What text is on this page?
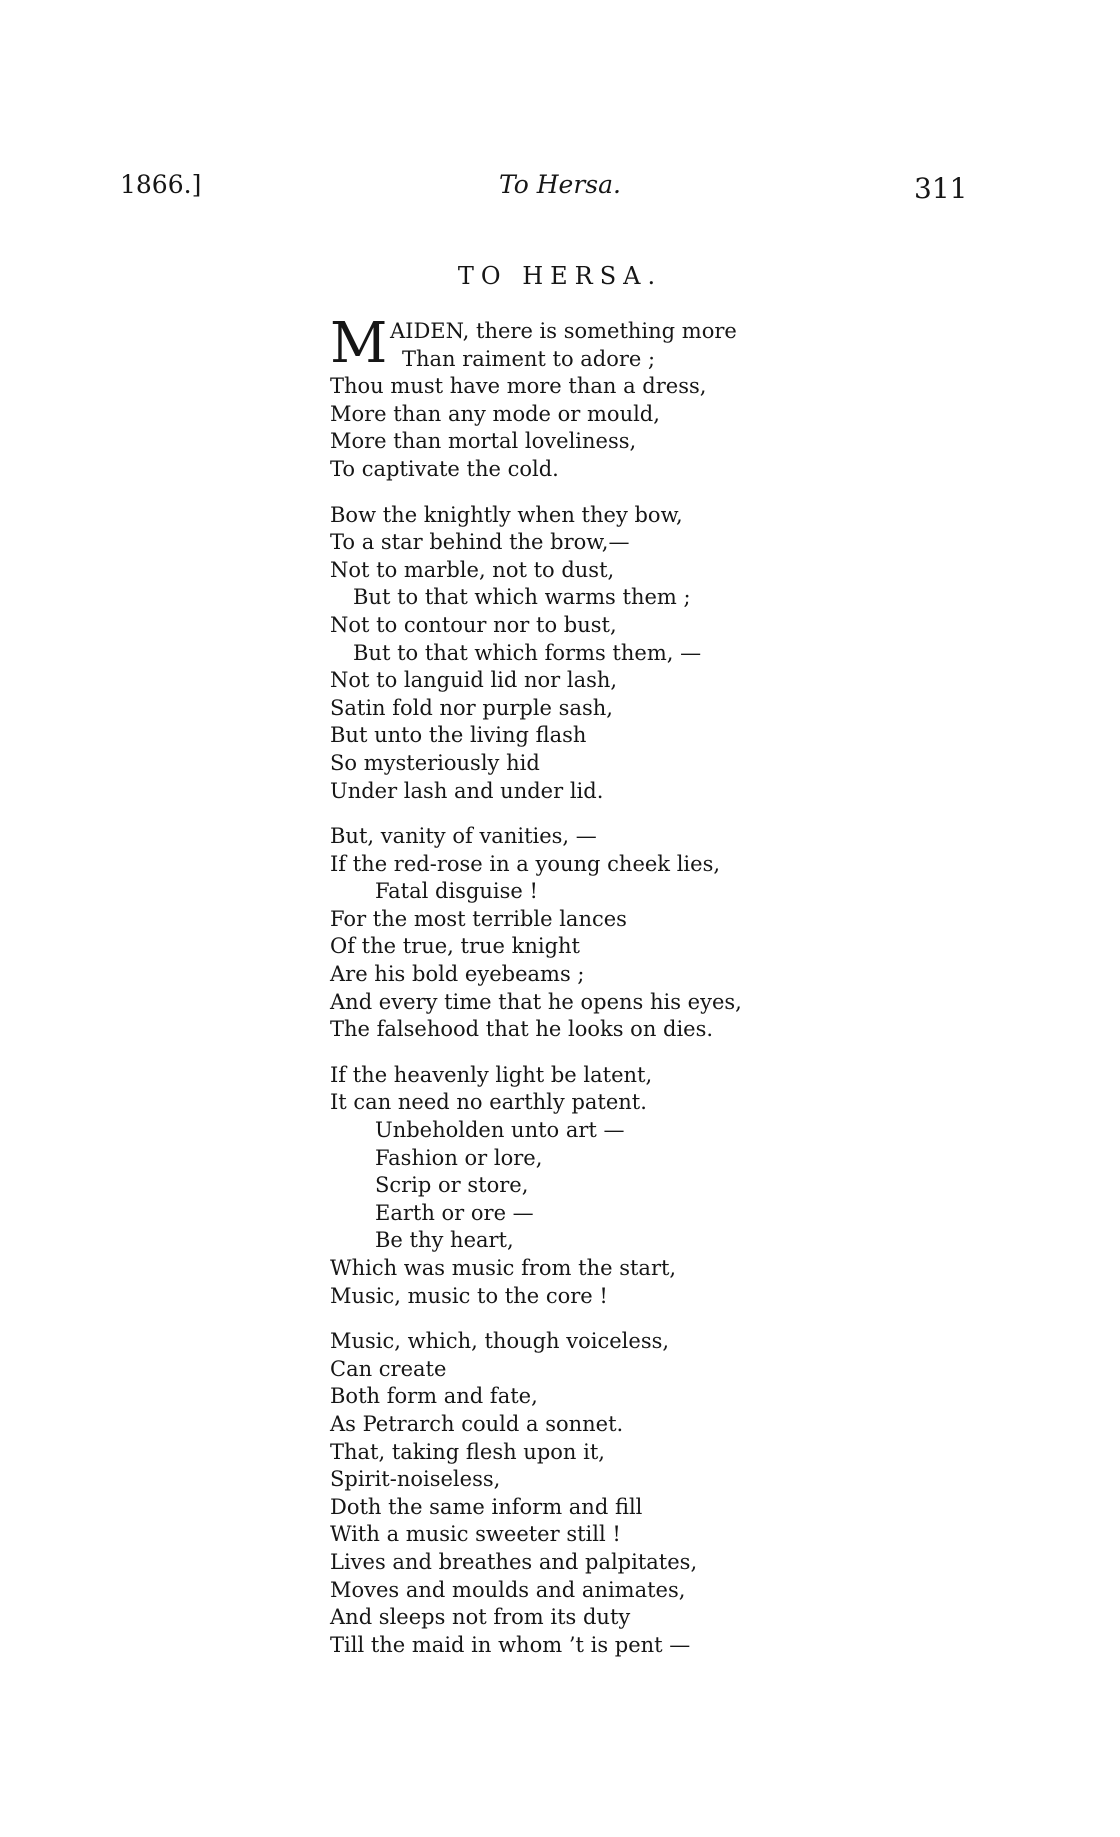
1866.]	To Hersa.	311
TO HERSA.
M AIDEN, there is something more
Than raiment to adore ;
Thou must have more than a dress,
More than any mode or mould,
More than mortal loveliness,
To captivate the cold.
Bow the knightly when they bow,
To a star behind the brow,—
Not to marble, not to dust,
But to that which warms them ;
Not to contour nor to bust,
But to that which forms them, —
Not to languid lid nor lash,
Satin fold nor purple sash,
But unto the living flash
So mysteriously hid
Under lash and under lid.
But, vanity of vanities, —
If the red-rose in a young cheek lies,
Fatal disguise !
For the most terrible lances
Of the true, true knight
Are his bold eyebeams ;
And every time that he opens his eyes,
The falsehood that he looks on dies.
If the heavenly light be latent,
It can need no earthly patent.
Unbeholden unto art —
Fashion or lore,
Scrip or store,
Earth or ore —
Be thy heart,
Which was music from the start,
Music, music to the core !
Music, which, though voiceless,
Can create
Both form and fate,
As Petrarch could a sonnet.
That, taking flesh upon it,
Spirit-noiseless,
Doth the same inform and fill
With a music sweeter still !
Lives and breathes and palpitates,
Moves and moulds and animates,
And sleeps not from its duty
Till the maid in whom ’t is pent —
